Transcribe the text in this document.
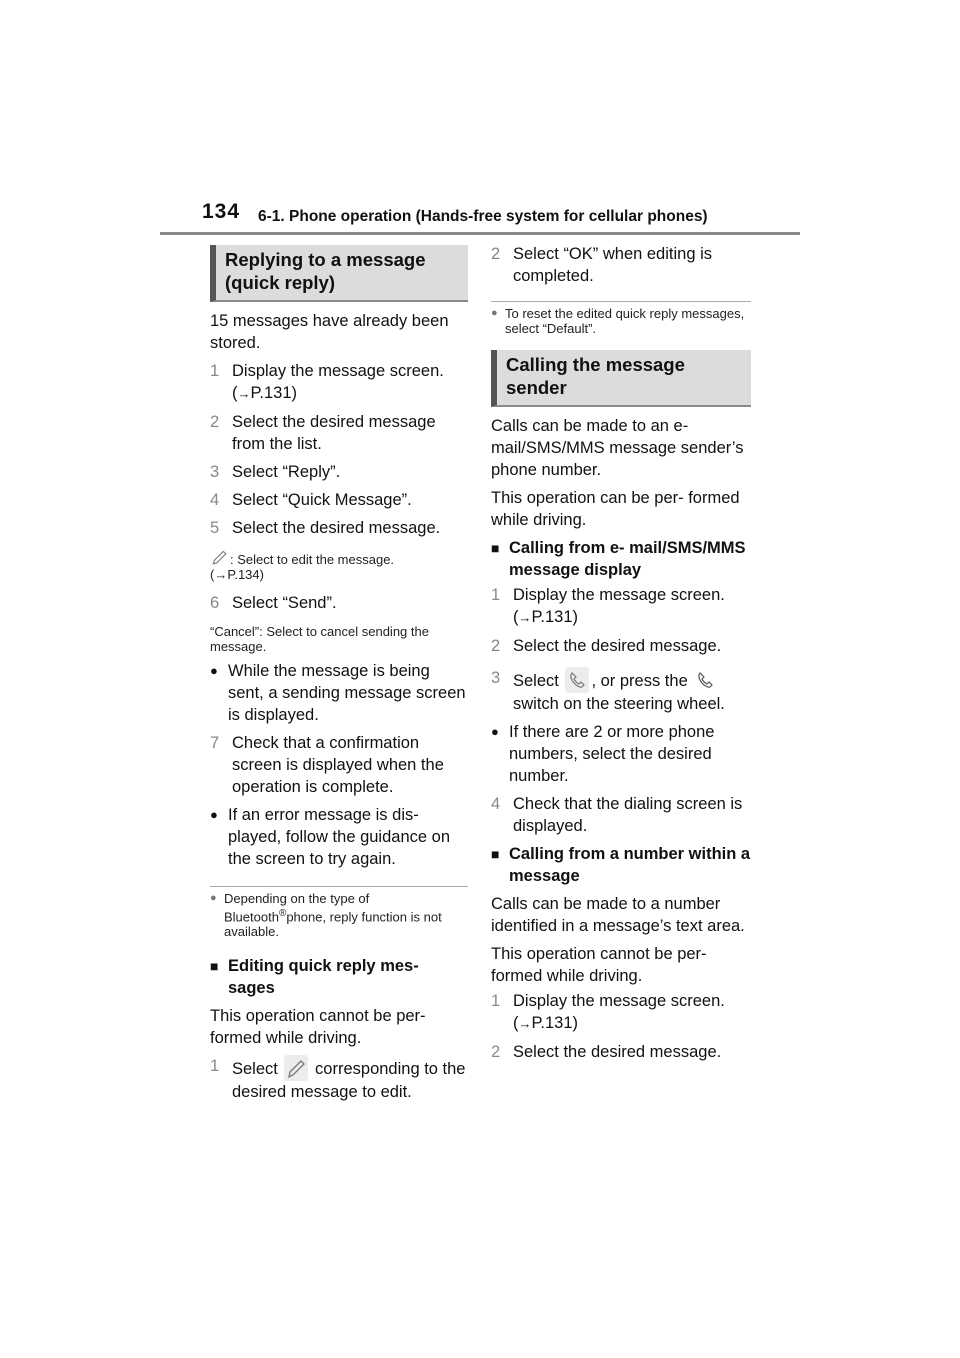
134 6-1. Phone operation (Hands-free system for cellular phones)
Replying to a message (quick reply)

15 messages have already been stored.

1 Display the message screen.
(→P.131)
2 Select the desired message from the list.
3 Select “Reply”.
4 Select “Quick Message”.
5 Select the desired message.
: Select to edit the message.
(→P.134)
6 Select “Send”.

“Cancel”: Select to cancel sending the message.

● While the message is being sent, a sending message screen is displayed.
7 Check that a confirmation screen is displayed when the operation is complete.
● If an error message is dis- played, follow the guidance on the screen to try again.
● Depending on the type of Bluetooth®phone, reply function is not available.
■ Editing quick reply mes- sages

This operation cannot be per- formed while driving.

1 Select corresponding to the desired message to edit.
2 Select “OK” when editing is completed.
● To reset the edited quick reply messages, select “Default”.
Calling the message sender

Calls can be made to an e- mail/SMS/MMS message sender’s phone number.

This operation can be per- formed while driving.

■ Calling from e- mail/SMS/MMS message display
1 Display the message screen.
(→P.131)
2 Select the desired message.
3 Select , or press the
switch on the steering wheel.
● If there are 2 or more phone numbers, select the desired number.
4 Check that the dialing screen is displayed.
■ Calling from a number within a message

Calls can be made to a number identified in a message’s text area.

This operation cannot be per- formed while driving.

1 Display the message screen.
(→P.131)
2 Select the desired message.
